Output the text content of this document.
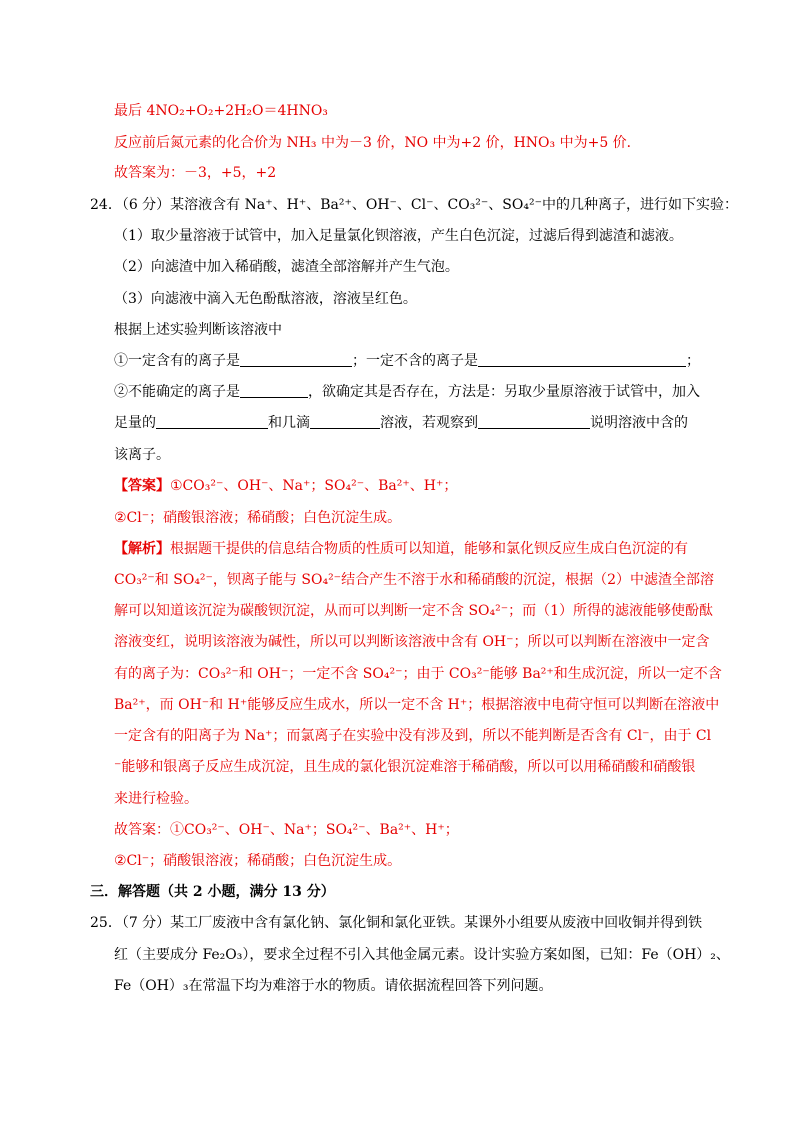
最后 4NO₂+O₂+2H₂O＝4HNO₃
反应前后氮元素的化合价为 NH₃ 中为－3 价，NO 中为+2 价，HNO₃ 中为+5 价．
故答案为：－3，+5，+2
24．（6 分）某溶液含有 Na⁺、H⁺、Ba²⁺、OH⁻、Cl⁻、CO₃²⁻、SO₄²⁻中的几种离子，进行如下实验：
（1）取少量溶液于试管中，加入足量氯化钡溶液，产生白色沉淀，过滤后得到滤渣和滤液。
（2）向滤渣中加入稀硝酸，滤渣全部溶解并产生气泡。
（3）向滤液中滴入无色酚酞溶液，溶液呈红色。
根据上述实验判断该溶液中
①一定含有的离子是	；一定不含的离子是	；
②不能确定的离子是	，欲确定其是否存在，方法是：另取少量原溶液于试管中，加入
足量的	和几滴	溶液，若观察到	说明溶液中含的
该离子。
【答案】①CO₃²⁻、OH⁻、Na⁺；SO₄²⁻、Ba²⁺、H⁺；
②Cl⁻；硝酸银溶液；稀硝酸；白色沉淀生成。
【解析】根据题干提供的信息结合物质的性质可以知道，能够和氯化钡反应生成白色沉淀的有
CO₃²⁻和 SO₄²⁻，钡离子能与 SO₄²⁻结合产生不溶于水和稀硝酸的沉淀，根据（2）中滤渣全部溶
解可以知道该沉淀为碳酸钡沉淀，从而可以判断一定不含 SO₄²⁻；而（1）所得的滤液能够使酚酞
溶液变红，说明该溶液为碱性，所以可以判断该溶液中含有 OH⁻；所以可以判断在溶液中一定含
有的离子为：CO₃²⁻和 OH⁻；一定不含 SO₄²⁻；由于 CO₃²⁻能够 Ba²⁺和生成沉淀，所以一定不含
Ba²⁺，而 OH⁻和 H⁺能够反应生成水，所以一定不含 H⁺；根据溶液中电荷守恒可以判断在溶液中
一定含有的阳离子为 Na⁺；而氯离子在实验中没有涉及到，所以不能判断是否含有 Cl⁻，由于 Cl
⁻能够和银离子反应生成沉淀，且生成的氯化银沉淀难溶于稀硝酸，所以可以用稀硝酸和硝酸银
来进行检验。
故答案：①CO₃²⁻、OH⁻、Na⁺；SO₄²⁻、Ba²⁺、H⁺；
②Cl⁻；硝酸银溶液；稀硝酸；白色沉淀生成。
三．解答题（共 2 小题，满分 13 分）
25．（7 分）某工厂废液中含有氯化钠、氯化铜和氯化亚铁。某课外小组要从废液中回收铜并得到铁
红（主要成分 Fe₂O₃），要求全过程不引入其他金属元素。设计实验方案如图，已知：Fe（OH）₂、
Fe（OH）₃在常温下均为难溶于水的物质。请依据流程回答下列问题。
